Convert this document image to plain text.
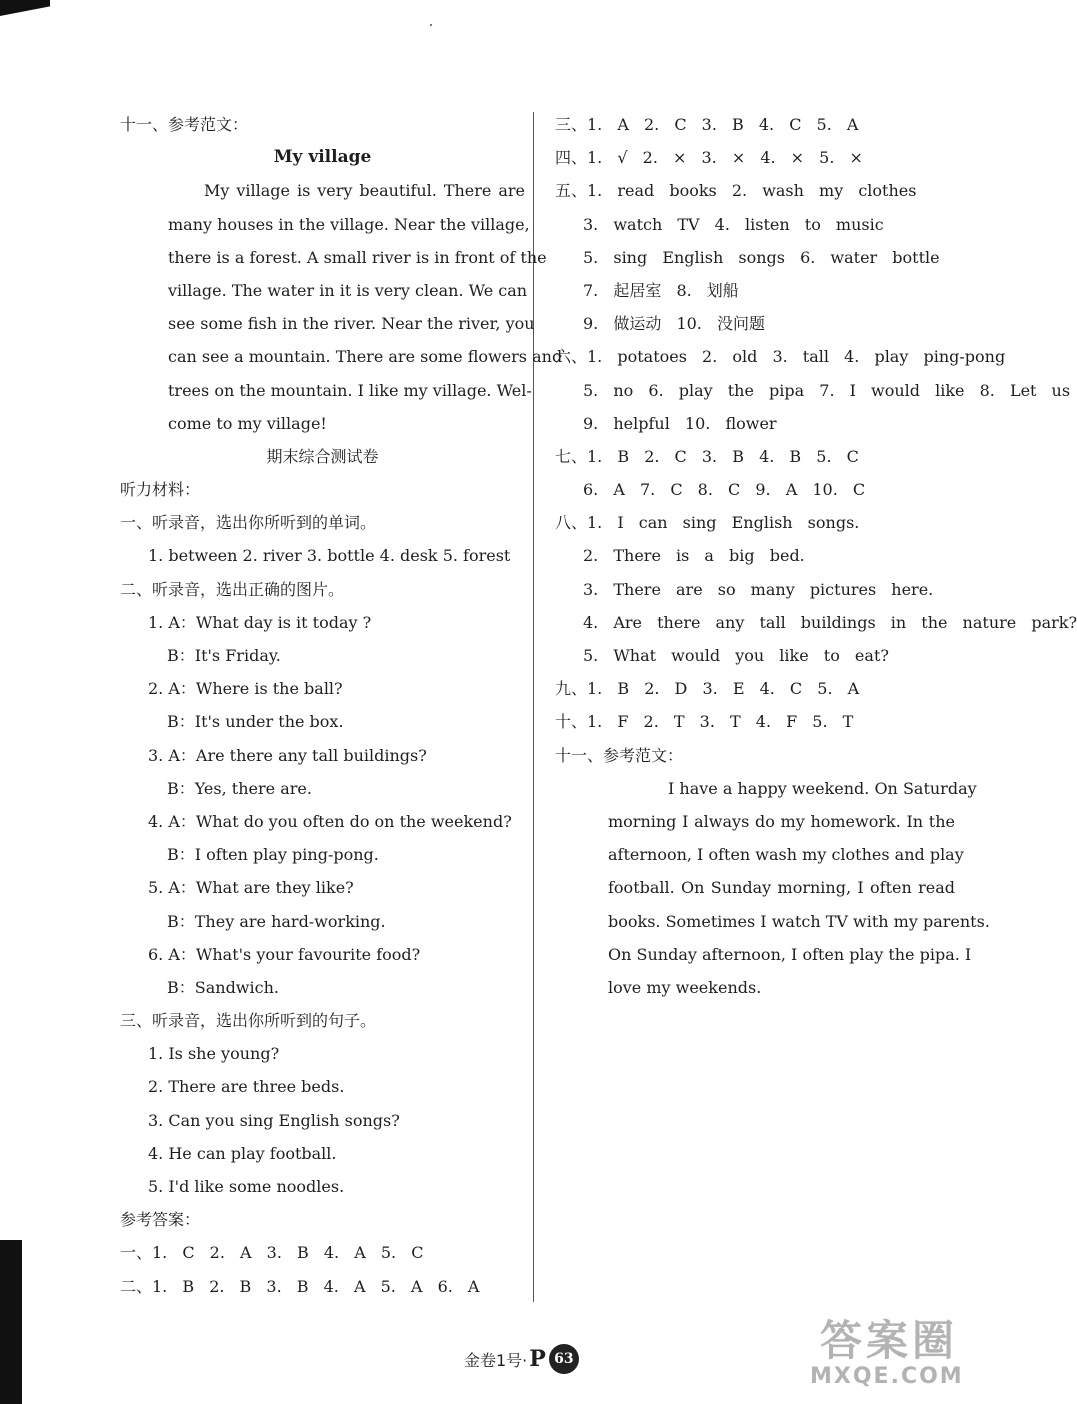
十一、参考范文：
My village
My village is very beautiful. There are
many houses in the village. Near the village,
there is a forest. A small river is in front of the
village. The water in it is very clean. We can
see some fish in the river. Near the river, you
can see a mountain. There are some flowers and
trees on the mountain. I like my village. Wel-
come to my village!
期末综合测试卷
听力材料：
一、听录音，选出你所听到的单词。
1. between 2. river 3. bottle 4. desk 5. forest
二、听录音，选出正确的图片。
1. A：What day is it today ?
B：It's Friday.
2. A：Where is the ball?
B：It's under the box.
3. A：Are there any tall buildings?
B：Yes, there are.
4. A：What do you often do on the weekend?
B：I often play ping-pong.
5. A：What are they like?
B：They are hard-working.
6. A：What's your favourite food?
B：Sandwich.
三、听录音，选出你所听到的句子。
1. Is she young?
2. There are three beds.
3. Can you sing English songs?
4. He can play football.
5. I'd like some noodles.
参考答案：
一、1. C 2. A 3. B 4. A 5. C
二、1. B 2. B 3. B 4. A 5. A 6. A
三、1. A 2. C 3. B 4. C 5. A
四、1. √ 2. × 3. × 4. × 5. ×
五、1. read books 2. wash my clothes
3. watch TV 4. listen to music
5. sing English songs 6. water bottle
7. 起居室 8. 划船
9. 做运动 10. 没问题
六、1. potatoes 2. old 3. tall 4. play ping-pong
5. no 6. play the pipa 7. I would like 8. Let us
9. helpful 10. flower
七、1. B 2. C 3. B 4. B 5. C
6. A 7. C 8. C 9. A 10. C
八、1. I can sing English songs.
2. There is a big bed.
3. There are so many pictures here.
4. Are there any tall buildings in the nature park?
5. What would you like to eat?
九、1. B 2. D 3. E 4. C 5. A
十、1. F 2. T 3. T 4. F 5. T
十一、参考范文：
I have a happy weekend. On Saturday
morning I always do my homework. In the
afternoon, I often wash my clothes and play
football. On Sunday morning, I often read
books. Sometimes I watch TV with my parents.
On Sunday afternoon, I often play the pipa. I
love my weekends.
金卷1号· P 63	答案圈
MXQE.COM
